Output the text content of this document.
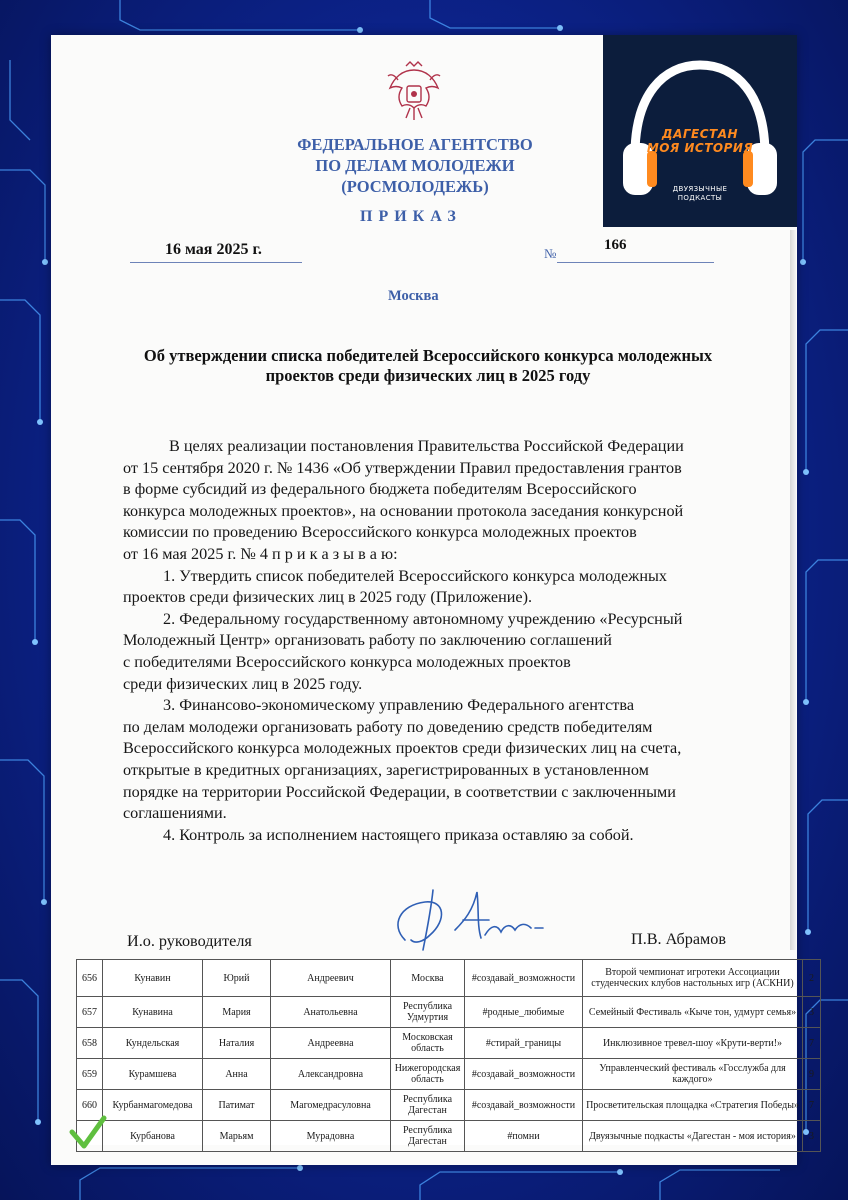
ФЕДЕРАЛЬНОЕ АГЕНТСТВО
ПО ДЕЛАМ МОЛОДЕЖИ
(РОСМОЛОДЕЖЬ)
ПРИКАЗ
16 мая 2025 г.	№
166
Москва
Об утверждении списка победителей Всероссийского конкурса молодежных
проектов среди физических лиц в 2025 году
В целях реализации постановления Правительства Российской Федерации
от 15 сентября 2020 г. № 1436 «Об утверждении Правил предоставления грантов
в форме субсидий из федерального бюджета победителям Всероссийского
конкурса молодежных проектов», на основании протокола заседания конкурсной
комиссии по проведению Всероссийского конкурса молодежных проектов
от 16 мая 2025 г. № 4 п р и к а з ы в а ю:
1. Утвердить список победителей Всероссийского конкурса молодежных
проектов среди физических лиц в 2025 году (Приложение).
2. Федеральному государственному автономному учреждению «Ресурсный
Молодежный Центр» организовать работу по заключению соглашений
с победителями Всероссийского конкурса молодежных проектов
среди физических лиц в 2025 году.
3. Финансово-экономическому управлению Федерального агентства
по делам молодежи организовать работу по доведению средств победителям
Всероссийского конкурса молодежных проектов среди физических лиц на счета,
открытые в кредитных организациях, зарегистрированных в установленном
порядке на территории Российской Федерации, в соответствии с заключенными
соглашениями.
4. Контроль за исполнением настоящего приказа оставляю за собой.
И.о. руководителя	П.В. Абрамов
ДАГЕСТАН
МОЯ ИСТОРИЯ
ДВУЯЗЫЧНЫЕ
ПОДКАСТЫ
656	Кунавин	Юрий	Андреевич	Москва	#создавай_возможности	Второй чемпионат игротеки Ассоциации студенческих клубов настольных игр (АСКНИ)	2
657	Кунавина	Мария	Анатольевна	Республика Удмуртия	#родные_любимые	Семейный Фестиваль «Кыче тон, удмурт семья»	3
658	Кундельская	Наталия	Андреевна	Московская область	#стирай_границы	Инклюзивное тревел-шоу «Крути-верти!»	7
659	Курамшева	Анна	Александровна	Нижегородская область	#создавай_возможности	Управленческий фестиваль «Госслужба для каждого»	9
660	Курбанмагомедова	Патимат	Магомедрасуловна	Республика Дагестан	#создавай_возможности	Просветительская площадка «Стратегия Победы»	7
	Курбанова	Марьям	Мурадовна	Республика Дагестан	#помни	Двуязычные подкасты «Дагестан - моя история»	3
